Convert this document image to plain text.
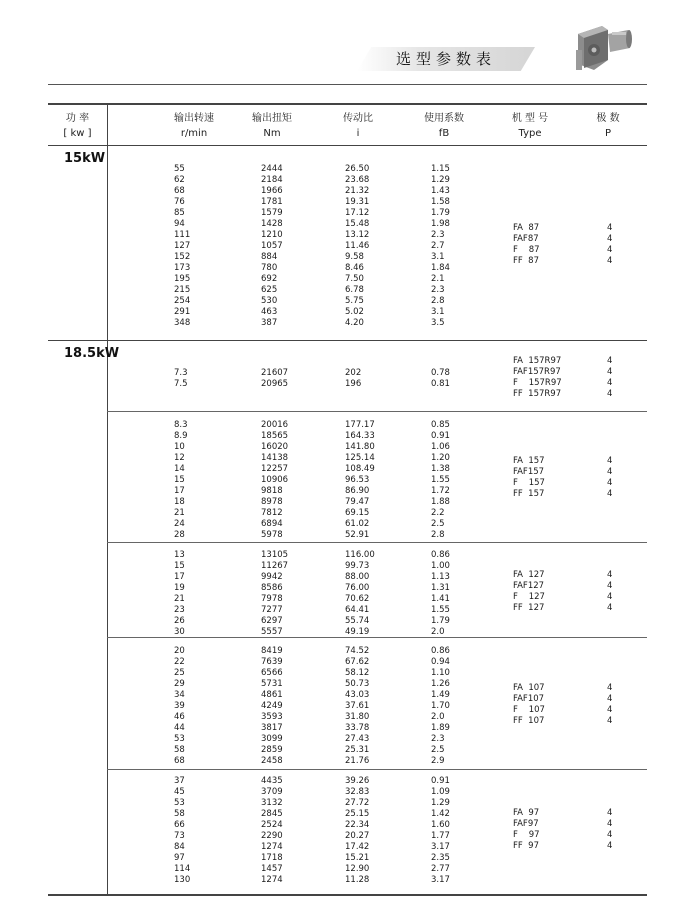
选型参数表
功 率
[ kw ]
输出转速
r/min
输出扭矩
Nm
传动比
i
使用系数
fB
机 型 号
Type
极 数
P
15kW
18.5kW
55
62
68
76
85
94
111
127
152
173
195
215
254
291
348
2444
2184
1966
1781
1579
1428
1210
1057
884
780
692
625
530
463
387
26.50
23.68
21.32
19.31
17.12
15.48
13.12
11.46
9.58
8.46
7.50
6.78
5.75
5.02
4.20
1.15
1.29
1.43
1.58
1.79
1.98
2.3
2.7
3.1
1.84
2.1
2.3
2.8
3.1
3.5
FA  87
FAF87
F    87
FF  87
4
4
4
4
7.3
7.5
21607
20965
202
196
0.78
0.81
FA  157R97
FAF157R97
F    157R97
FF  157R97
4
4
4
4
8.3
8.9
10
12
14
15
17
18
21
24
28
20016
18565
16020
14138
12257
10906
9818
8978
7812
6894
5978
177.17
164.33
141.80
125.14
108.49
96.53
86.90
79.47
69.15
61.02
52.91
0.85
0.91
1.06
1.20
1.38
1.55
1.72
1.88
2.2
2.5
2.8
FA  157
FAF157
F    157
FF  157
4
4
4
4
13
15
17
19
21
23
26
30
13105
11267
9942
8586
7978
7277
6297
5557
116.00
99.73
88.00
76.00
70.62
64.41
55.74
49.19
0.86
1.00
1.13
1.31
1.41
1.55
1.79
2.0
FA  127
FAF127
F    127
FF  127
4
4
4
4
20
22
25
29
34
39
46
44
53
58
68
8419
7639
6566
5731
4861
4249
3593
3817
3099
2859
2458
74.52
67.62
58.12
50.73
43.03
37.61
31.80
33.78
27.43
25.31
21.76
0.86
0.94
1.10
1.26
1.49
1.70
2.0
1.89
2.3
2.5
2.9
FA  107
FAF107
F    107
FF  107
4
4
4
4
37
45
53
58
66
73
84
97
114
130
4435
3709
3132
2845
2524
2290
1274
1718
1457
1274
39.26
32.83
27.72
25.15
22.34
20.27
17.42
15.21
12.90
11.28
0.91
1.09
1.29
1.42
1.60
1.77
3.17
2.35
2.77
3.17
FA  97
FAF97
F    97
FF  97
4
4
4
4
